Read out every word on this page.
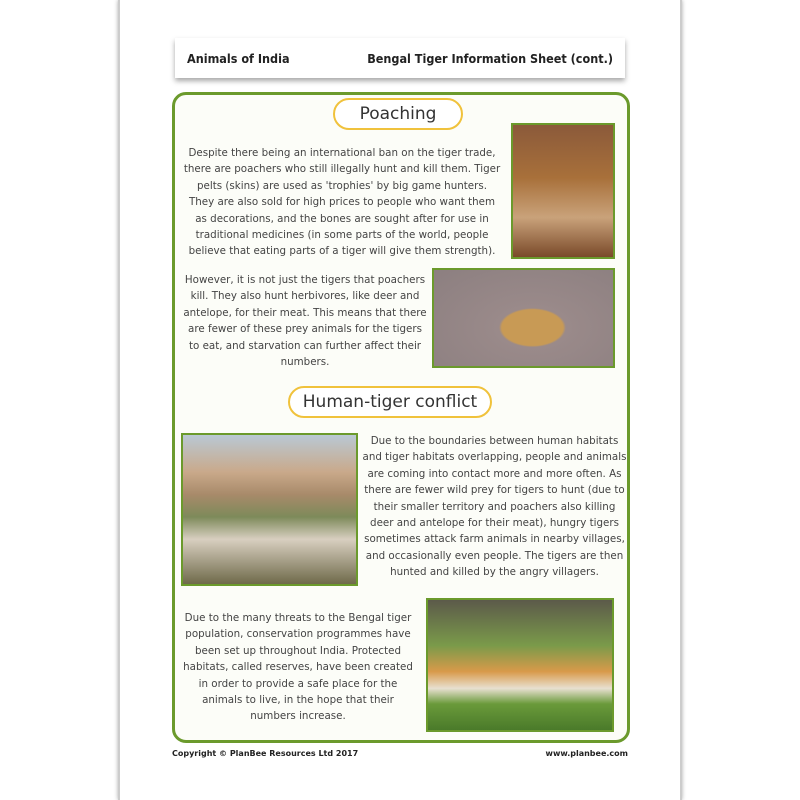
Animals of India	Bengal Tiger Information Sheet (cont.)
Poaching
Despite there being an international ban on the tiger trade, there are poachers who still illegally hunt and kill them. Tiger pelts (skins) are used as 'trophies' by big game hunters. They are also sold for high prices to people who want them as decorations, and the bones are sought after for use in traditional medicines (in some parts of the world, people believe that eating parts of a tiger will give them strength).
However, it is not just the tigers that poachers kill. They also hunt herbivores, like deer and antelope, for their meat. This means that there are fewer of these prey animals for the tigers to eat, and starvation can further affect their numbers.
Human-tiger conflict
Due to the boundaries between human habitats and tiger habitats overlapping, people and animals are coming into contact more and more often. As there are fewer wild prey for tigers to hunt (due to their smaller territory and poachers also killing deer and antelope for their meat), hungry tigers sometimes attack farm animals in nearby villages, and occasionally even people. The tigers are then hunted and killed by the angry villagers.
Due to the many threats to the Bengal tiger population, conservation programmes have been set up throughout India. Protected habitats, called reserves, have been created in order to provide a safe place for the animals to live, in the hope that their numbers increase.
Copyright © PlanBee Resources Ltd 2017	www.planbee.com
